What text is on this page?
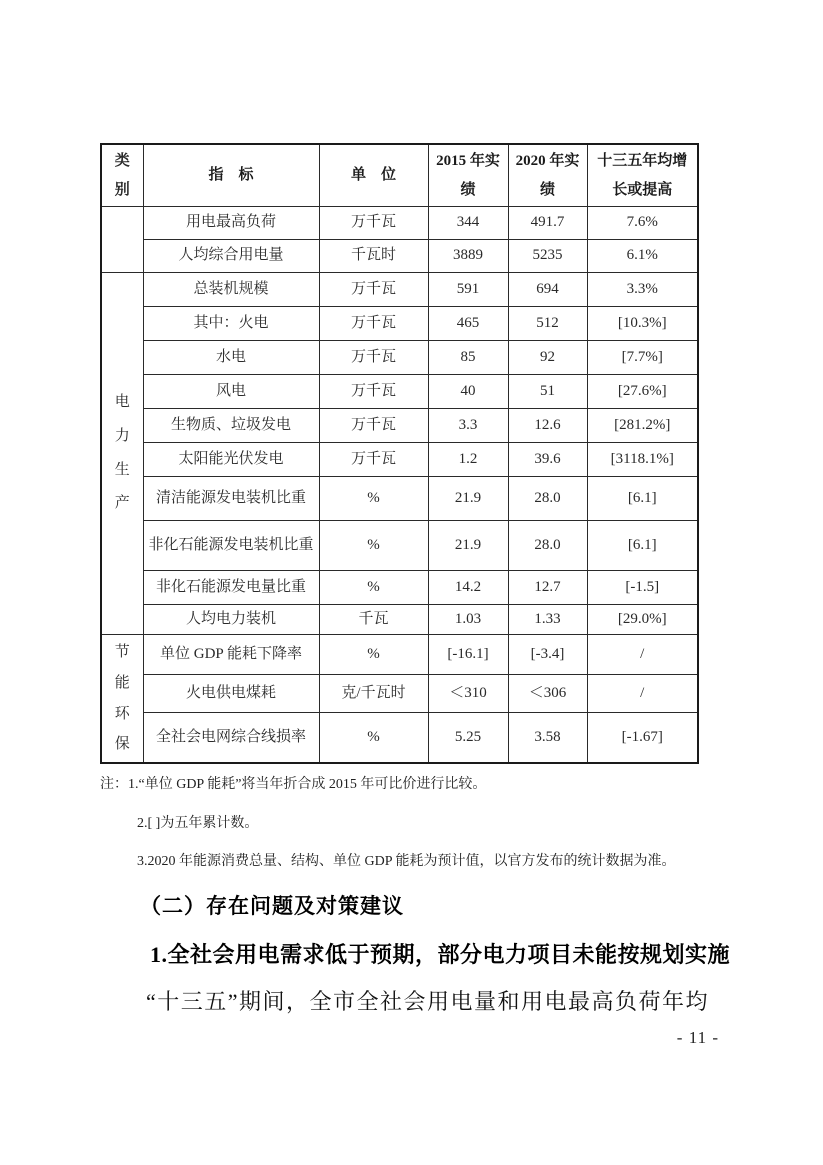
类别	指　标	单　位	2015 年实绩	2020 年实绩	十三五年均增长或提高
	用电最高负荷	万千瓦	344	491.7	7.6%
	人均综合用电量	千瓦时	3889	5235	6.1%
电力生产	总装机规模	万千瓦	591	694	3.3%
	其中：火电	万千瓦	465	512	[10.3%]
	水电	万千瓦	85	92	[7.7%]
	风电	万千瓦	40	51	[27.6%]
	生物质、垃圾发电	万千瓦	3.3	12.6	[281.2%]
	太阳能光伏发电	万千瓦	1.2	39.6	[3118.1%]
	清洁能源发电装机比重	%	21.9	28.0	[6.1]
	非化石能源发电装机比重	%	21.9	28.0	[6.1]
	非化石能源发电量比重	%	14.2	12.7	[-1.5]
	人均电力装机	千瓦	1.03	1.33	[29.0%]
节能环保	单位 GDP 能耗下降率	%	[-16.1]	[-3.4]	/
	火电供电煤耗	克/千瓦时	＜310	＜306	/
	全社会电网综合线损率	%	5.25	3.58	[-1.67]

注：1.“单位 GDP 能耗”将当年折合成 2015 年可比价进行比较。

2.[ ]为五年累计数。

3.2020 年能源消费总量、结构、单位 GDP 能耗为预计值，以官方发布的统计数据为准。

（二）存在问题及对策建议
1.全社会用电需求低于预期，部分电力项目未能按规划实施
“十三五”期间，全市全社会用电量和用电最高负荷年均
- 11 -
